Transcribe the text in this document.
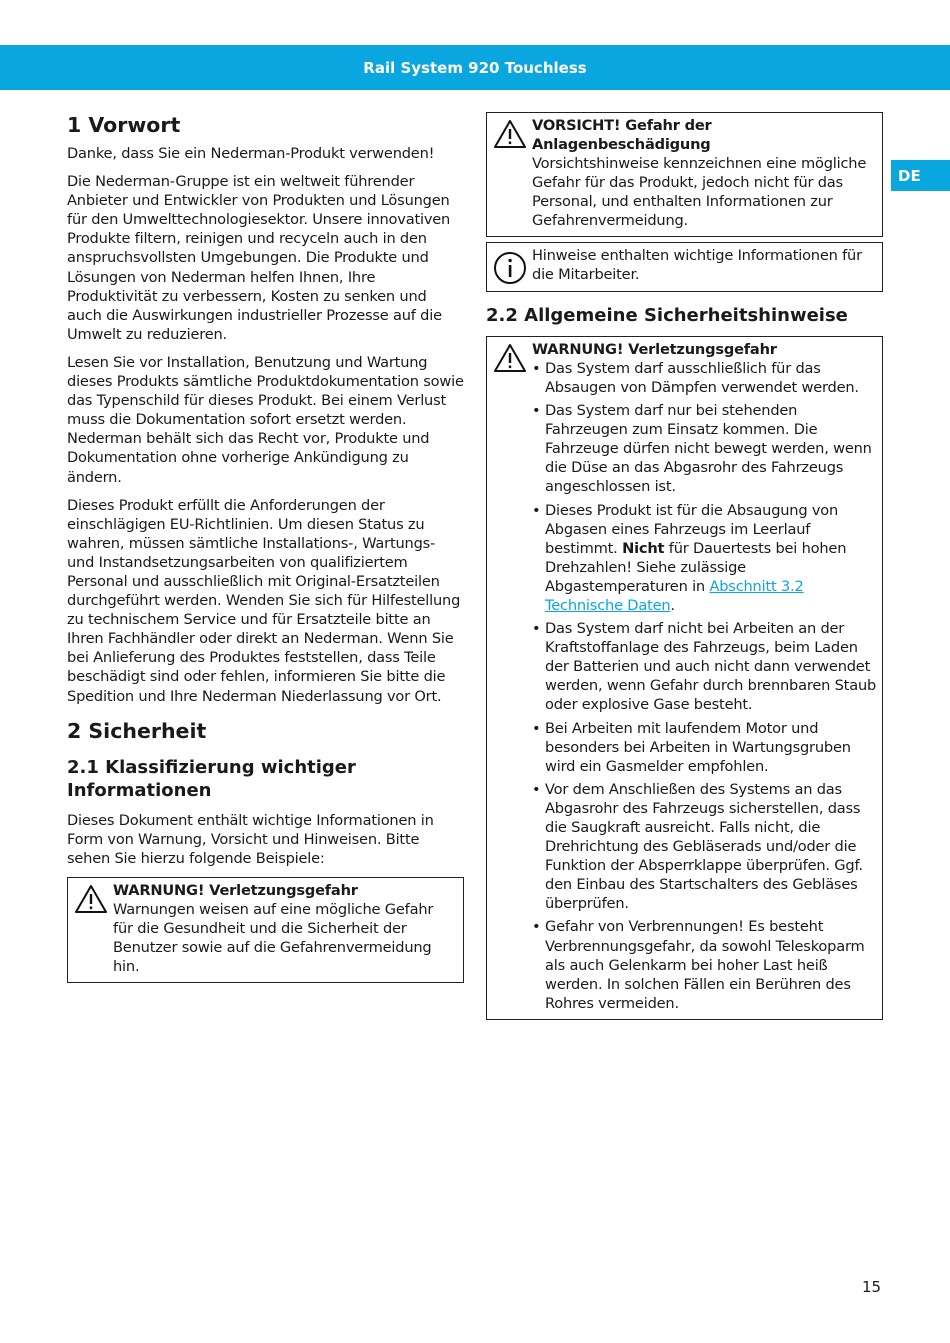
Rail System 920 Touchless
DE
1 Vorwort

Danke, dass Sie ein Nederman-Produkt verwenden!

Die Nederman-Gruppe ist ein weltweit führender Anbieter und Entwickler von Produkten und Lösungen für den Umwelttechnologiesektor. Unsere innovativen Produkte filtern, reinigen und recyceln auch in den anspruchsvollsten Umgebungen. Die Produkte und Lösungen von Nederman helfen Ihnen, Ihre Produktivität zu verbessern, Kosten zu senken und auch die Auswirkungen industrieller Prozesse auf die Umwelt zu reduzieren.

Lesen Sie vor Installation, Benutzung und Wartung dieses Produkts sämtliche Produktdokumentation sowie das Typenschild für dieses Produkt. Bei einem Verlust muss die Dokumentation sofort ersetzt werden. Nederman behält sich das Recht vor, Produkte und Dokumentation ohne vorherige Ankündigung zu ändern.

Dieses Produkt erfüllt die Anforderungen der einschlägigen EU-Richtlinien. Um diesen Status zu wahren, müssen sämtliche Installations-, Wartungs- und Instandsetzungsarbeiten von qualifiziertem Personal und ausschließlich mit Original-Ersatzteilen durchgeführt werden. Wenden Sie sich für Hilfestellung zu technischem Service und für Ersatzteile bitte an Ihren Fachhändler oder direkt an Nederman. Wenn Sie bei Anlieferung des Produktes feststellen, dass Teile beschädigt sind oder fehlen, informieren Sie bitte die Spedition und Ihre Nederman Niederlassung vor Ort.

2 Sicherheit
2.1 Klassifizierung wichtiger Informationen

Dieses Dokument enthält wichtige Informationen in Form von Warnung, Vorsicht und Hinweisen. Bitte sehen Sie hierzu folgende Beispiele:

WARNUNG! Verletzungsgefahr
Warnungen weisen auf eine mögliche Gefahr für die Gesundheit und die Sicherheit der Benutzer sowie auf die Gefahrenvermeidung hin.
VORSICHT! Gefahr der Anlagenbeschädigung
Vorsichtshinweise kennzeichnen eine mögliche Gefahr für das Produkt, jedoch nicht für das Personal, und enthalten Informationen zur Gefahrenvermeidung.
Hinweise enthalten wichtige Informationen für die Mitarbeiter.
2.2 Allgemeine Sicherheitshinweise
WARNUNG! Verletzungsgefahr
• Das System darf ausschließlich für das Absaugen von Dämpfen verwendet werden.
• Das System darf nur bei stehenden Fahrzeugen zum Einsatz kommen. Die Fahrzeuge dürfen nicht bewegt werden, wenn die Düse an das Abgasrohr des Fahrzeugs angeschlossen ist.
• Dieses Produkt ist für die Absaugung von Abgasen eines Fahrzeugs im Leerlauf bestimmt. Nicht für Dauertests bei hohen Drehzahlen! Siehe zulässige Abgastemperaturen in Abschnitt 3.2 Technische Daten.
• Das System darf nicht bei Arbeiten an der Kraftstoffanlage des Fahrzeugs, beim Laden der Batterien und auch nicht dann verwendet werden, wenn Gefahr durch brennbaren Staub oder explosive Gase besteht.
• Bei Arbeiten mit laufendem Motor und besonders bei Arbeiten in Wartungsgruben wird ein Gasmelder empfohlen.
• Vor dem Anschließen des Systems an das Abgasrohr des Fahrzeugs sicherstellen, dass die Saugkraft ausreicht. Falls nicht, die Drehrichtung des Gebläserads und/oder die Funktion der Absperrklappe überprüfen. Ggf. den Einbau des Startschalters des Gebläses überprüfen.
• Gefahr von Verbrennungen! Es besteht Verbrennungsgefahr, da sowohl Teleskoparm als auch Gelenkarm bei hoher Last heiß werden. In solchen Fällen ein Berühren des Rohres vermeiden.
15
